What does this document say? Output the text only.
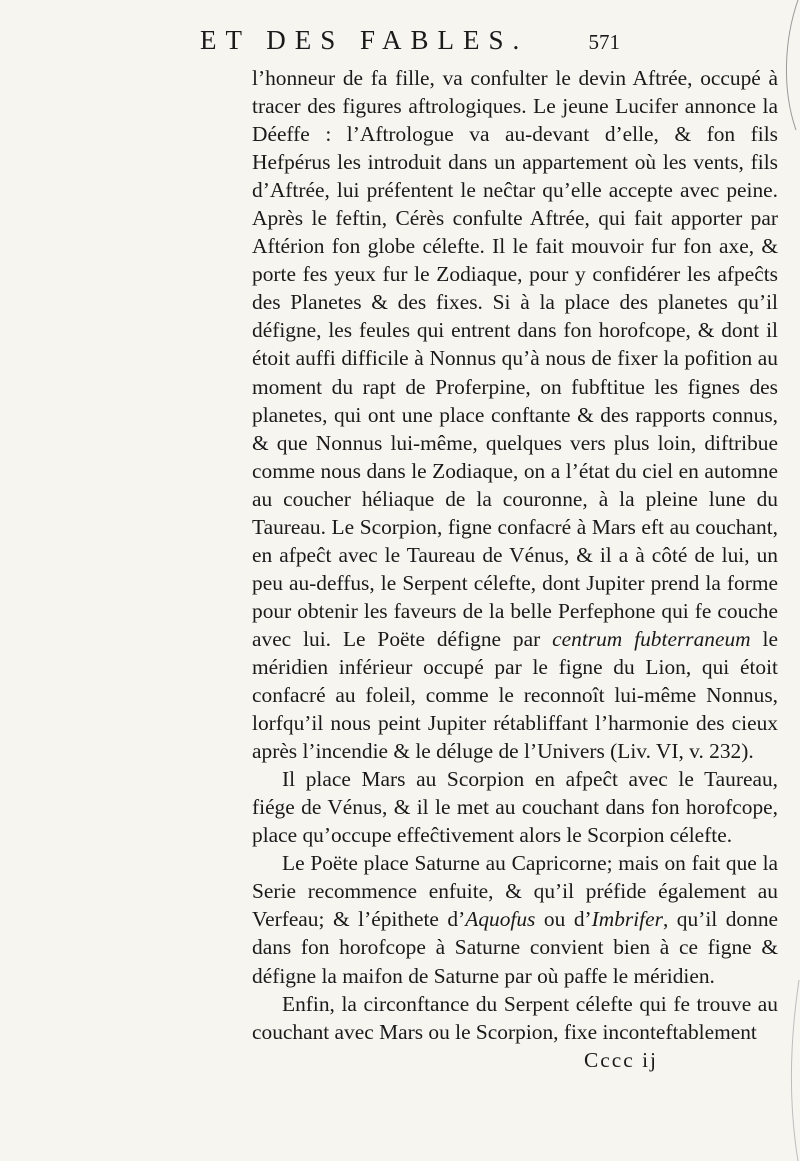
ET DES FABLES.	571

l’honneur de fa fille, va confulter le devin Aftrée, occupé à tracer des figures aftrologiques. Le jeune Lucifer annonce la Déeffe : l’Aftrologue va au-devant d’elle, & fon fils Hefpérus les introduit dans un appartement où les vents, fils d’Aftrée, lui préfentent le neĉtar qu’elle accepte avec peine. Après le feftin, Cérès confulte Aftrée, qui fait apporter par Aftérion fon globe célefte. Il le fait mouvoir fur fon axe, & porte fes yeux fur le Zodiaque, pour y confidérer les afpeĉts des Planetes & des fixes. Si à la place des planetes qu’il défigne, les feules qui entrent dans fon horofcope, & dont il étoit auffi difficile à Nonnus qu’à nous de fixer la pofition au moment du rapt de Proferpine, on fubftitue les fignes des planetes, qui ont une place conftante & des rapports connus, & que Nonnus lui-même, quelques vers plus loin, diftribue comme nous dans le Zodiaque, on a l’état du ciel en automne au coucher héliaque de la couronne, à la pleine lune du Taureau. Le Scorpion, figne confacré à Mars eft au couchant, en afpeĉt avec le Taureau de Vénus, & il a à côté de lui, un peu au-deffus, le Serpent célefte, dont Jupiter prend la forme pour obtenir les faveurs de la belle Perfephone qui fe couche avec lui. Le Poëte défigne par centrum fubterraneum le méridien inférieur occupé par le figne du Lion, qui étoit confacré au foleil, comme le reconnoît lui-même Nonnus, lorfqu’il nous peint Jupiter rétabliffant l’harmonie des cieux après l’incendie & le déluge de l’Univers (Liv. VI, v. 232).

Il place Mars au Scorpion en afpeĉt avec le Taureau, fiége de Vénus, & il le met au couchant dans fon horofcope, place qu’occupe effeĉtivement alors le Scorpion célefte.

Le Poëte place Saturne au Capricorne; mais on fait que la Serie recommence enfuite, & qu’il préfide également au Verfeau; & l’épithete d’Aquofus ou d’Imbrifer, qu’il donne dans fon horofcope à Saturne convient bien à ce figne & défigne la maifon de Saturne par où paffe le méridien.

Enfin, la circonftance du Serpent célefte qui fe trouve au couchant avec Mars ou le Scorpion, fixe inconteftablement

Cccc ij
